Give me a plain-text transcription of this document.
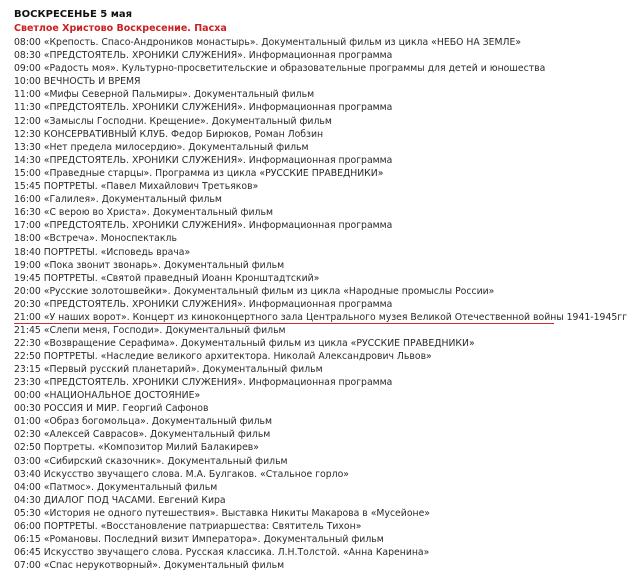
ВОСКРЕСЕНЬЕ 5 мая
Светлое Христово Воскресение. Пасха
08:00 «Крепость. Спасо-Андроников монастырь». Документальный фильм из цикла «НЕБО НА ЗЕМЛЕ»
08:30 «ПРЕДСТОЯТЕЛЬ. ХРОНИКИ СЛУЖЕНИЯ». Информационная программа
09:00 «Радость моя». Культурно-просветительские и образовательные программы для детей и юношества
10:00 ВЕЧНОСТЬ И ВРЕМЯ
11:00 «Мифы Северной Пальмиры». Документальный фильм
11:30 «ПРЕДСТОЯТЕЛЬ. ХРОНИКИ СЛУЖЕНИЯ». Информационная программа
12:00 «Замыслы Господни. Крещение». Документальный фильм
12:30 КОНСЕРВАТИВНЫЙ КЛУБ. Федор Бирюков, Роман Лобзин
13:30 «Нет предела милосердию». Документальный фильм
14:30 «ПРЕДСТОЯТЕЛЬ. ХРОНИКИ СЛУЖЕНИЯ». Информационная программа
15:00 «Праведные старцы». Программа из цикла «РУССКИЕ ПРАВЕДНИКИ»
15:45 ПОРТРЕТЫ. «Павел Михайлович Третьяков»
16:00 «Галилея». Документальный фильм
16:30 «С верою во Христа». Документальный фильм
17:00 «ПРЕДСТОЯТЕЛЬ. ХРОНИКИ СЛУЖЕНИЯ». Информационная программа
18:00 «Встреча». Моноспектакль
18:40 ПОРТРЕТЫ. «Исповедь врача»
19:00 «Пока звонит звонарь». Документальный фильм
19:45 ПОРТРЕТЫ. «Святой праведный Иоанн Кронштадтский»
20:00 «Русские золотошвейки». Документальный фильм из цикла «Народные промыслы России»
20:30 «ПРЕДСТОЯТЕЛЬ. ХРОНИКИ СЛУЖЕНИЯ». Информационная программа
21:00 «У наших ворот». Концерт из киноконцертного зала Центрального музея Великой Отечественной войны 1941-1945гг
21:45 «Слепи меня, Господи». Документальный фильм
22:30 «Возвращение Серафима». Документальный фильм из цикла «РУССКИЕ ПРАВЕДНИКИ»
22:50 ПОРТРЕТЫ. «Наследие великого архитектора. Николай Александрович Львов»
23:15 «Первый русский планетарий». Документальный фильм
23:30 «ПРЕДСТОЯТЕЛЬ. ХРОНИКИ СЛУЖЕНИЯ». Информационная программа
00:00 «НАЦИОНАЛЬНОЕ ДОСТОЯНИЕ»
00:30 РОССИЯ И МИР. Георгий Сафонов
01:00 «Образ богомольца». Документальный фильм
02:30 «Алексей Саврасов». Документальный фильм
02:50 Портреты. «Композитор Милий Балакирев»
03:00 «Сибирский сказочник». Документальный фильм
03:40 Искусство звучащего слова. М.А. Булгаков. «Стальное горло»
04:00 «Патмос». Документальный фильм
04:30 ДИАЛОГ ПОД ЧАСАМИ. Евгений Кира
05:30 «История не одного путешествия». Выставка Никиты Макарова в «Мусейоне»
06:00 ПОРТРЕТЫ. «Восстановление патриаршества: Святитель Тихон»
06:15 «Романовы. Последний визит Императора». Документальный фильм
06:45 Искусство звучащего слова. Русская классика. Л.Н.Толстой. «Анна Каренина»
07:00 «Спас нерукотворный». Документальный фильм
